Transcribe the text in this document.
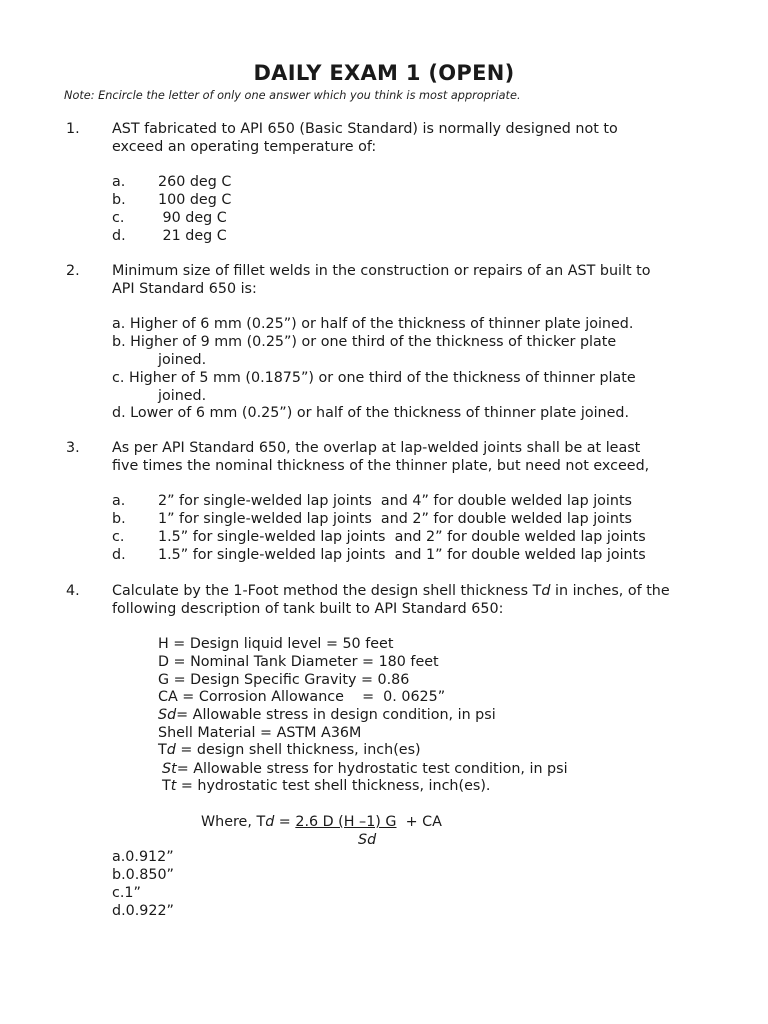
DAILY EXAM 1 (OPEN)
Note: Encircle the letter of only one answer which you think is most appropriate.
1. AST fabricated to API 650 (Basic Standard) is normally designed not to
exceed an operating temperature of:
a. 260 deg C
b. 100 deg C
c. 90 deg C
d. 21 deg C
2. Minimum size of fillet welds in the construction or repairs of an AST built to
API Standard 650 is:
a. Higher of 6 mm (0.25”) or half of the thickness of thinner plate joined.
b. Higher of 9 mm (0.25”) or one third of the thickness of thicker plate
joined.
c. Higher of 5 mm (0.1875”) or one third of the thickness of thinner plate
joined.
d. Lower of 6 mm (0.25”) or half of the thickness of thinner plate joined.
3. As per API Standard 650, the overlap at lap-welded joints shall be at least
five times the nominal thickness of the thinner plate, but need not exceed,
a. 2” for single-welded lap joints  and 4” for double welded lap joints
b. 1” for single-welded lap joints  and 2” for double welded lap joints
c. 1.5” for single-welded lap joints  and 2” for double welded lap joints
d. 1.5” for single-welded lap joints  and 1” for double welded lap joints
4. Calculate by the 1-Foot method the design shell thickness Td in inches, of the
following description of tank built to API Standard 650:
H = Design liquid level = 50 feet
D = Nominal Tank Diameter = 180 feet
G = Design Specific Gravity = 0.86
CA = Corrosion Allowance    =  0. 0625”
Sd= Allowable stress in design condition, in psi
Shell Material = ASTM A36M
Td = design shell thickness, inch(es)
St= Allowable stress for hydrostatic test condition, in psi
Tt = hydrostatic test shell thickness, inch(es).
Where, Td = 2.6 D (H –1) G  + CA
Sd
a.0.912”
b.0.850”
c.1”
d.0.922”
